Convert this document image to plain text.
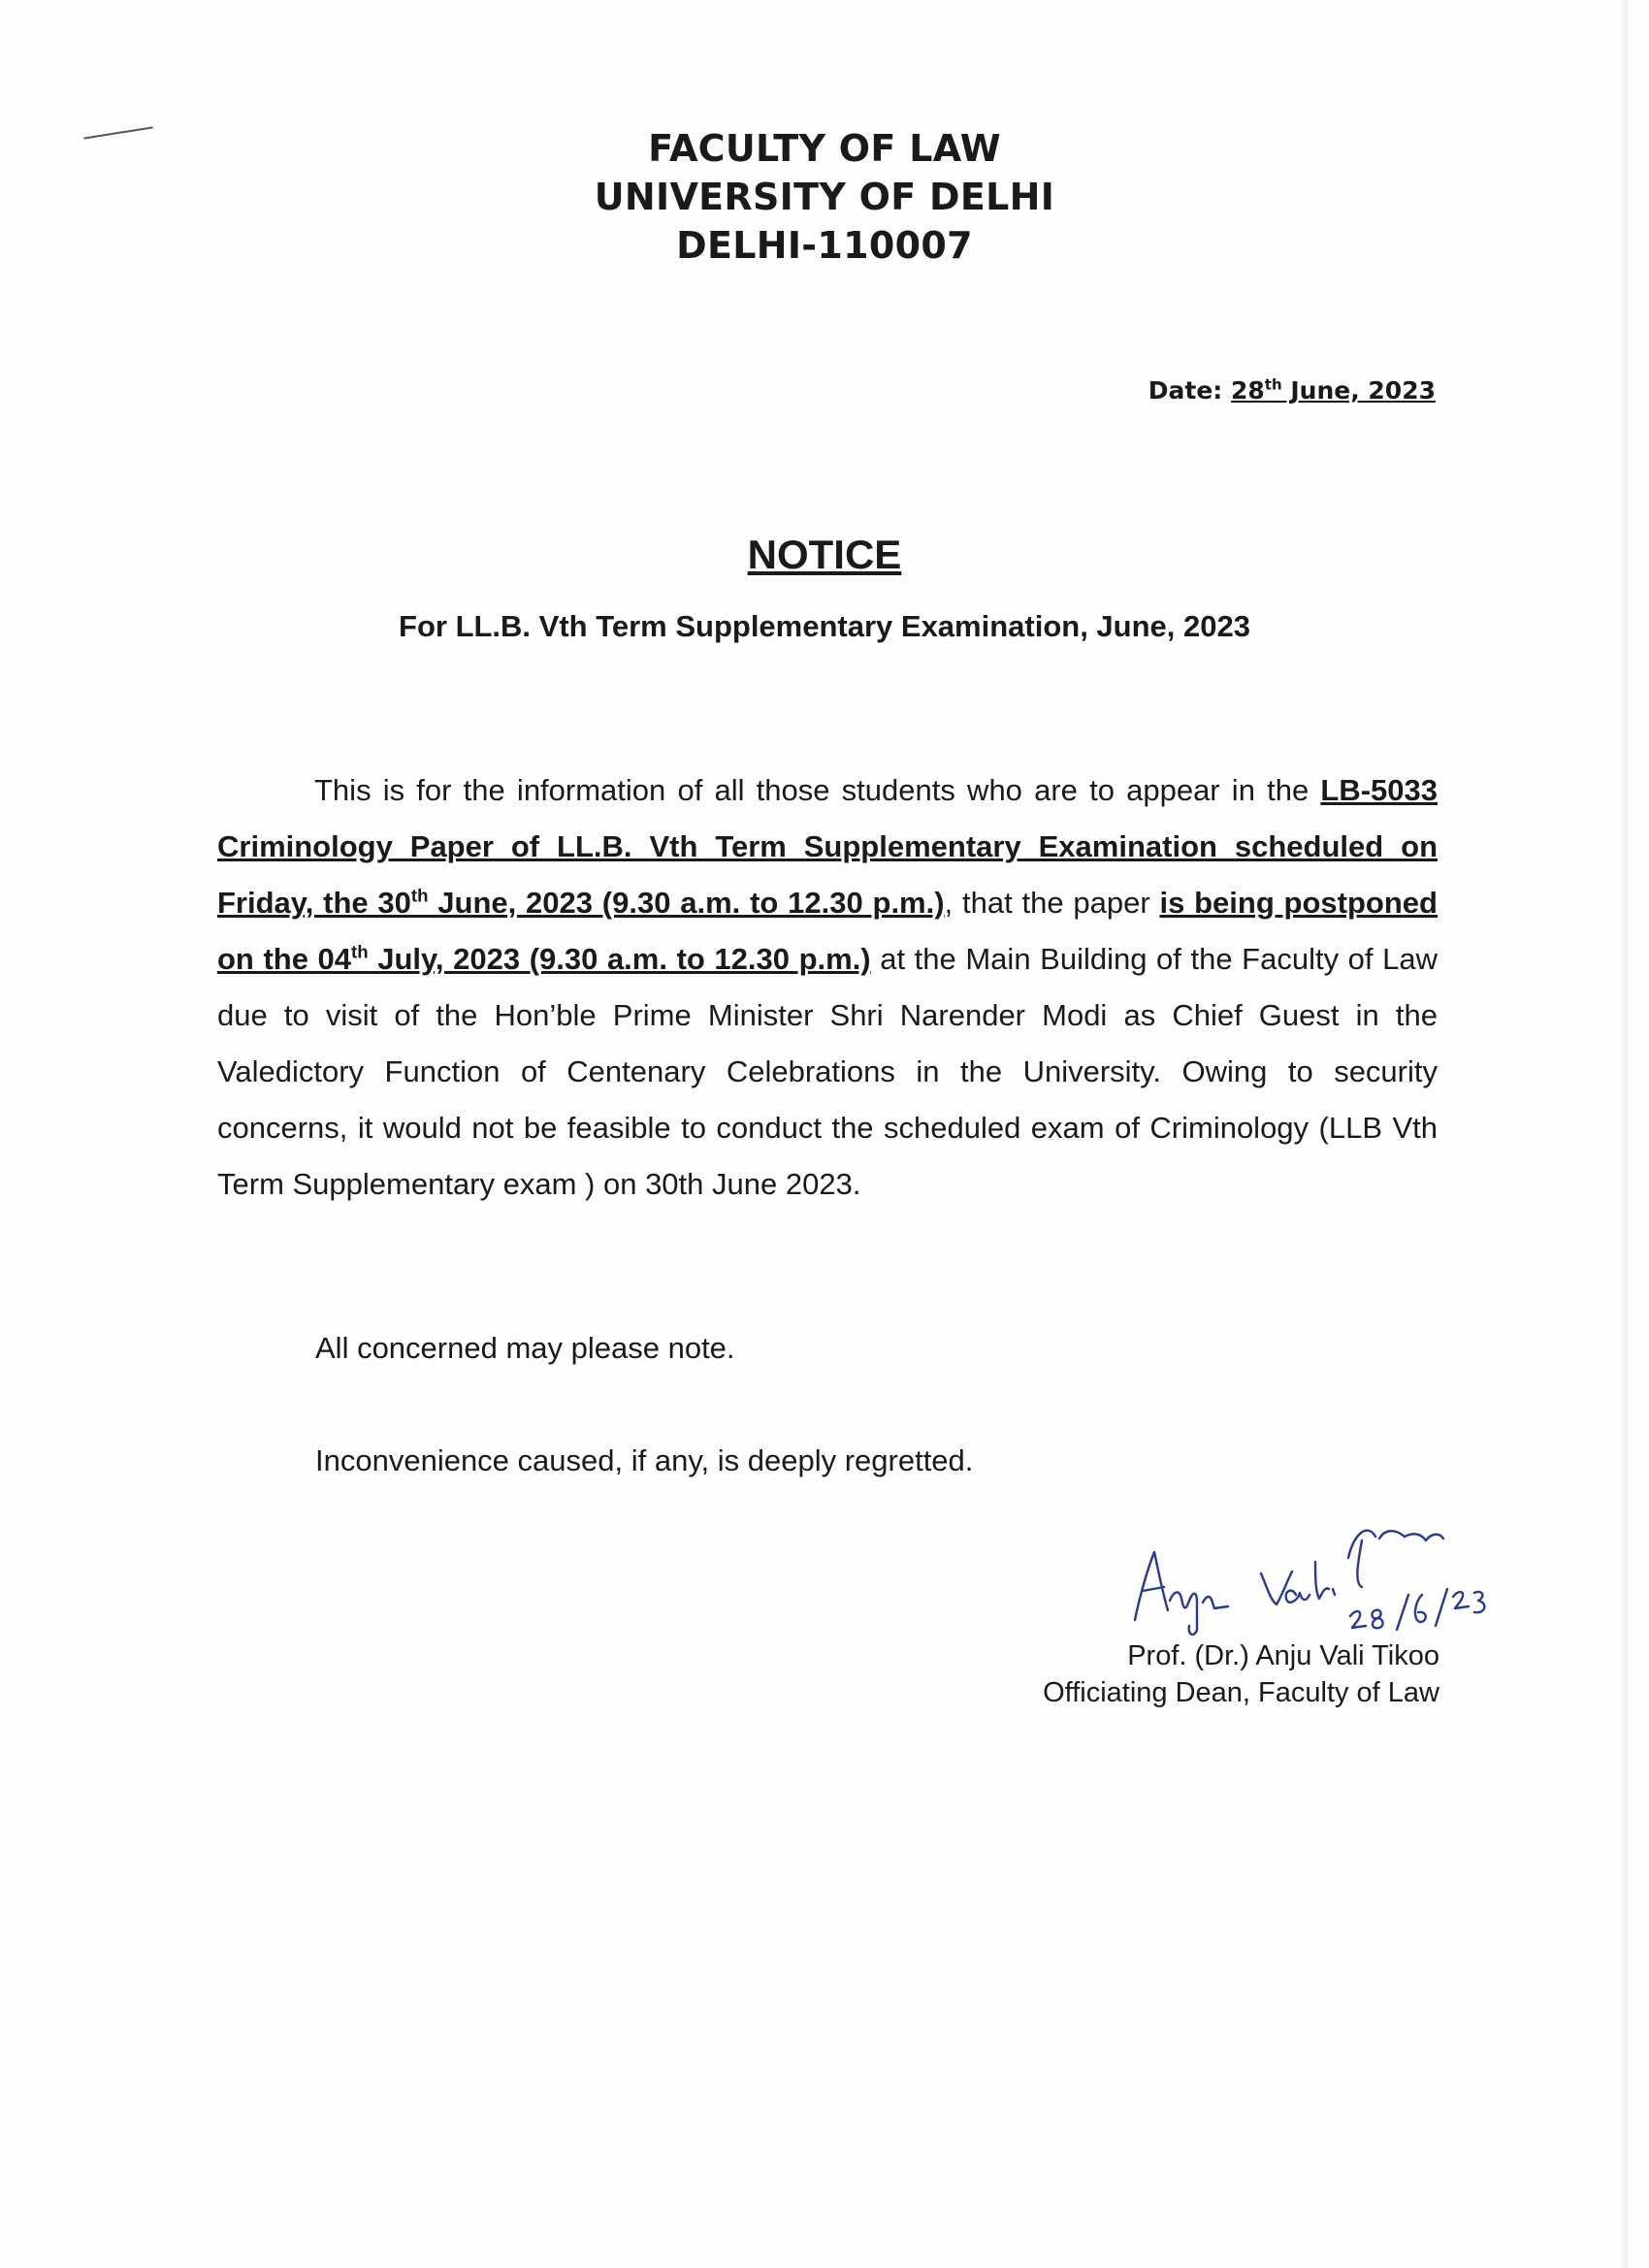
FACULTY OF LAW
UNIVERSITY OF DELHI
DELHI-110007
Date: 28th June, 2023
NOTICE
For LL.B. Vth Term Supplementary Examination, June, 2023
This is for the information of all those students who are to appear in the LB-5033 Criminology Paper of LL.B. Vth Term Supplementary Examination scheduled on Friday, the 30th June, 2023 (9.30 a.m. to 12.30 p.m.), that the paper is being postponed on the 04th July, 2023 (9.30 a.m. to 12.30 p.m.) at the Main Building of the Faculty of Law due to visit of the Hon’ble Prime Minister Shri Narender Modi as Chief Guest in the Valedictory Function of Centenary Celebrations in the University. Owing to security concerns, it would not be feasible to conduct the scheduled exam of Criminology (LLB Vth Term Supplementary exam ) on 30th June 2023.
All concerned may please note.
Inconvenience caused, if any, is deeply regretted.
Prof. (Dr.) Anju Vali Tikoo
Officiating Dean, Faculty of Law
